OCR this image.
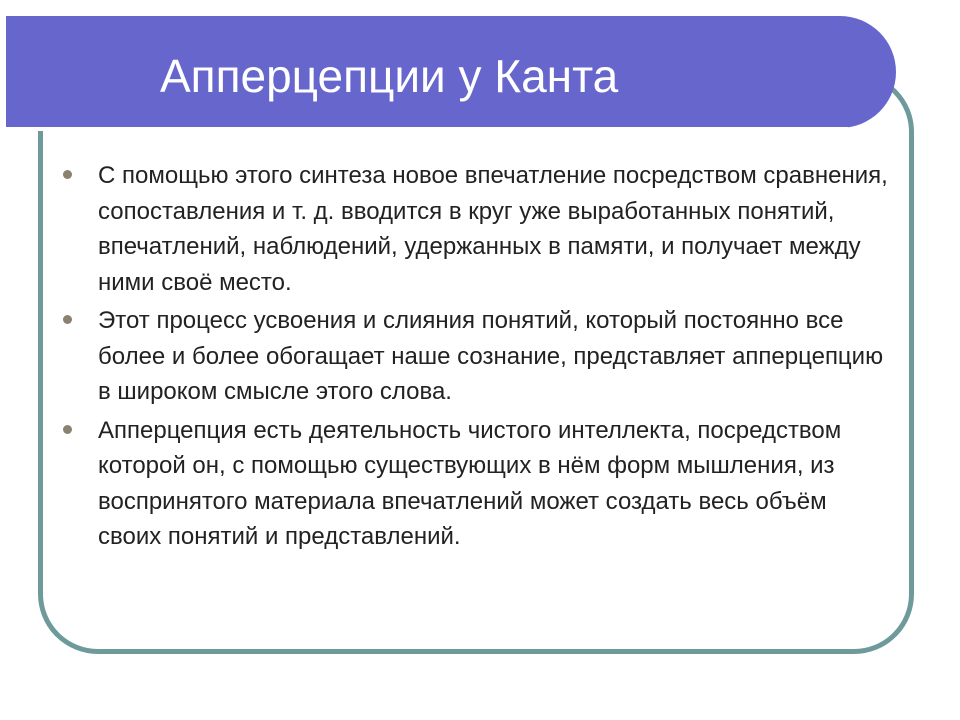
Апперцепции у Канта
С помощью этого синтеза новое впечатление посредством сравнения, сопоставления и т. д. вводится в круг уже выработанных понятий, впечатлений, наблюдений, удержанных в памяти, и получает между ними своё место.
Этот процесс усвоения и слияния понятий, который постоянно все более и более обогащает наше сознание, представляет апперцепцию в широком смысле этого слова.
Апперцепция есть деятельность чистого интеллекта, посредством которой он, с помощью существующих в нём форм мышления, из воспринятого материала впечатлений может создать весь объём своих понятий и представлений.
